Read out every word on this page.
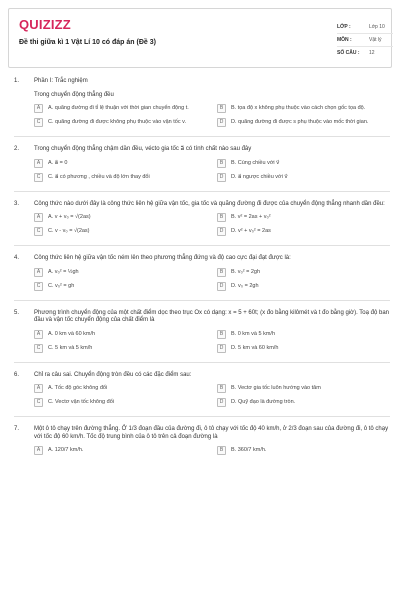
QUIZIZZ
Đề thi giữa kì 1 Vật Lí 10 có đáp án (Đề 3)
LỚP :	Lớp 10
MÔN :	Vật lý
SỐ CÂU :	12
1.	Phần I: Trắc nghiệm
Trong chuyển động thẳng đều
A	A. quãng đường đi tỉ lệ thuận với thời gian chuyển động t.	B	B. tọa độ x không phụ thuộc vào cách chọn gốc tọa độ.
C	C. quãng đường đi được không phụ thuộc vào vận tốc v.	D	D. quãng đường đi được s phụ thuộc vào mốc thời gian.
2.	Trong chuyển động thẳng chậm dần đều, vécto gia tốc a⃗ có tính chất nào sau đây
A	A. a⃗ = 0	B	B. Cùng chiều với v⃗
C	C. a⃗ có phương , chiều và độ lớn thay đổi	D	D. a⃗ ngược chiều với v⃗
3.	Công thức nào dưới đây là công thức liên hệ giữa vận tốc, gia tốc và quãng đường đi được của chuyển động thẳng nhanh dần đều:
A	A. v + v₀ = √(2as)	B	B. v² = 2as + v₀²
C	C. v - v₀ = √(2as)	D	D. v² + v₀² = 2as
4.	Công thức liên hệ giữa vận tốc ném lên theo phương thẳng đứng và độ cao cực đại đạt được là:
A	A. v₀² = ½gh	B	B. v₀² = 2gh
C	C. v₀² = gh	D	D. v₀ = 2gh
5.	Phương trình chuyển động của một chất điểm dọc theo trục Ox có dạng: x = 5 + 60t; (x đo bằng kilômét và t đo bằng giờ). Toạ độ ban đầu và vận tốc chuyển động của chất điểm là
A	A. 0 km và 60 km/h	B	B. 0 km và 5 km/h
C	C. 5 km và 5 km/h	D	D. 5 km và 60 km/h
6.	Chỉ ra câu sai. Chuyển động tròn đều có các đặc điểm sau:
A	A. Tốc độ góc không đổi	B	B. Vectơ gia tốc luôn hướng vào tâm
C	C. Vectơ vận tốc không đổi	D	D. Quỹ đạo là đường tròn.
7.	Một ô tô chạy trên đường thẳng. Ở 1/3 đoạn đầu của đường đi, ô tô chạy với tốc độ 40 km/h, ở 2/3 đoạn sau của đường đi, ô tô chạy với tốc độ 60 km/h. Tốc độ trung bình của ô tô trên cả đoạn đường là
A	A. 120/7 km/h.	B	B. 360/7 km/h.
